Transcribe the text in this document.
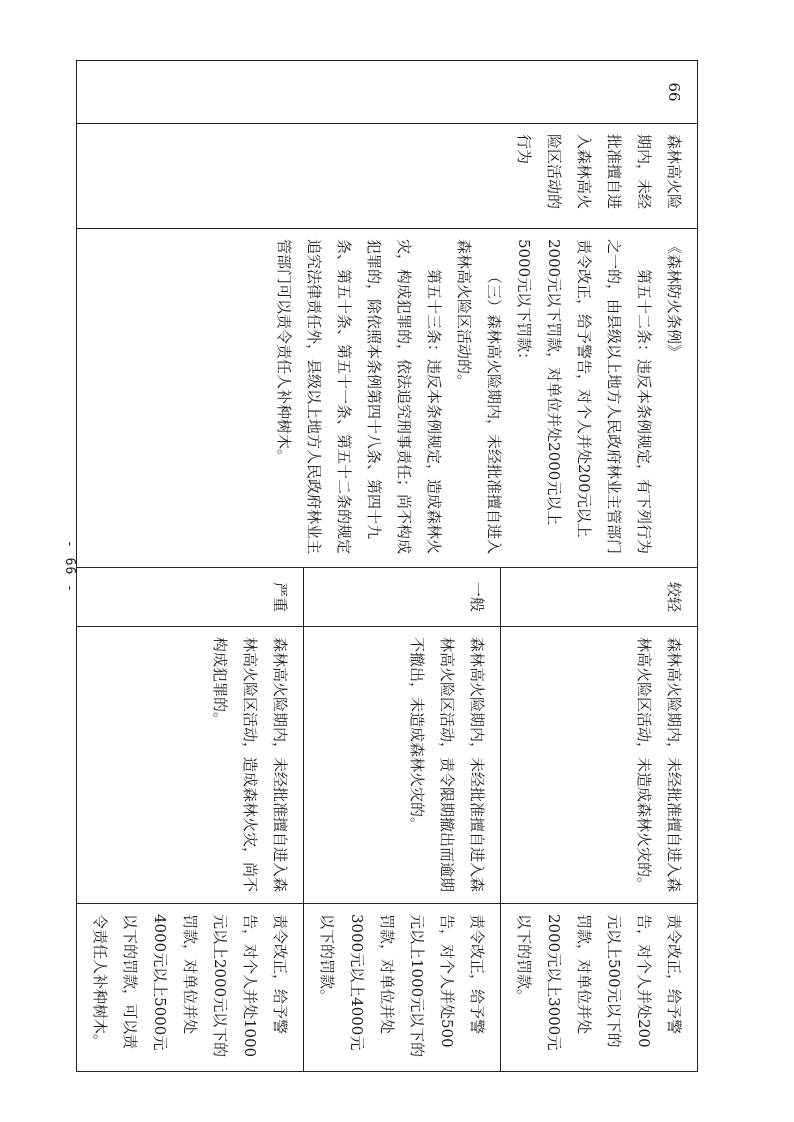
- 66 -
66	森林高火险期内，未经批准擅自进入森林高火险区活动的行为	《森林防火条例》
第五十二条：违反本条例规定，有下列行为之一的，由县级以上地方人民政府林业主管部门责令改正，给予警告，对个人并处200元以上2000元以下罚款，对单位并处2000元以上5000元以下罚款：
（三）森林高火险期内，未经批准擅自进入森林高火险区活动的。
第五十三条：违反本条例规定，造成森林火灾，构成犯罪的，依法追究刑事责任；尚不构成犯罪的，除依照本条例第四十八条、第四十九条、第五十条、第五十一条、第五十二条的规定追究法律责任外，县级以上地方人民政府林业主管部门可以责令责任人补种树木。	较轻	森林高火险期内，未经批准擅自进入森林高火险区活动，未造成森林火灾的。	责令改正，给予警告，对个人并处200元以上500元以下的罚款，对单位并处2000元以上3000元以下的罚款。

			一般	森林高火险期内，未经批准擅自进入森林高火险区活动，责令限期撤出而逾期不撤出，未造成森林火灾的。	责令改正，给予警告，对个人并处500元以上1000元以下的罚款，对单位并处3000元以上4000元以下的罚款。

			严重	森林高火险期内，未经批准擅自进入森林高火险区活动，造成森林火灾，尚不构成犯罪的。	责令改正，给予警告，对个人并处1000元以上2000元以下的罚款，对单位并处4000元以上5000元以下的罚款，可以责令责任人补种树木。
